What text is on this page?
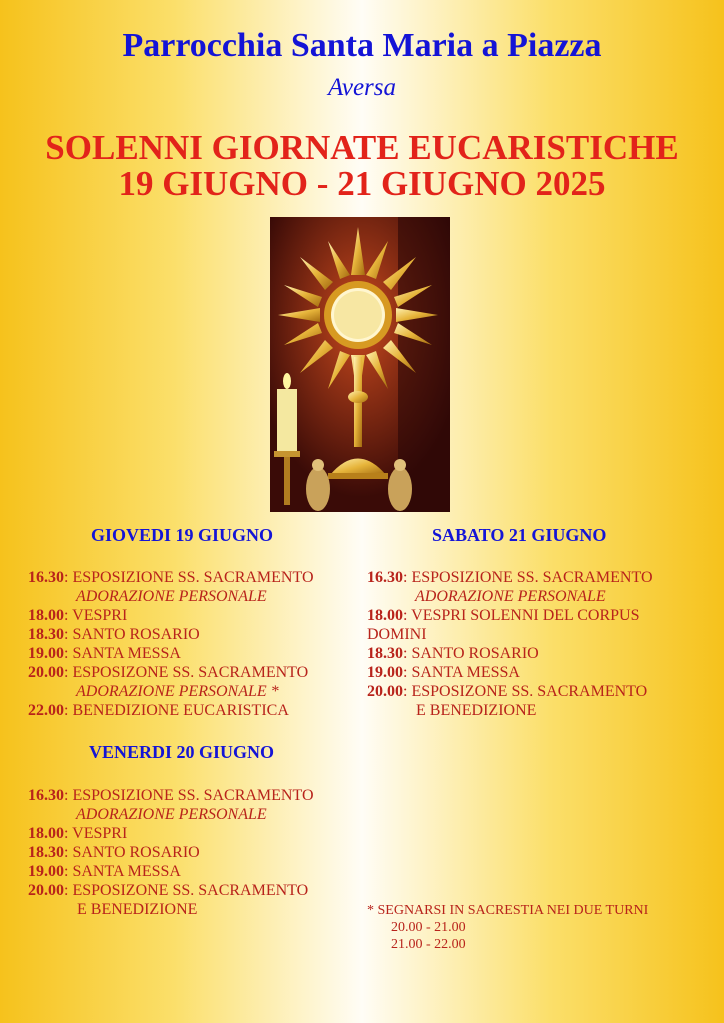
Parrocchia Santa Maria a Piazza
Aversa
SOLENNI GIORNATE EUCARISTICHE
19 GIUGNO - 21 GIUGNO 2025
GIOVEDI 19 GIUGNO
16.30: ESPOSIZIONE SS. SACRAMENTO
ADORAZIONE PERSONALE
18.00: VESPRI
18.30: SANTO ROSARIO
19.00: SANTA MESSA
20.00: ESPOSIZONE SS. SACRAMENTO
ADORAZIONE PERSONALE *
22.00: BENEDIZIONE EUCARISTICA
VENERDI 20 GIUGNO
16.30: ESPOSIZIONE SS. SACRAMENTO
ADORAZIONE PERSONALE
18.00: VESPRI
18.30: SANTO ROSARIO
19.00: SANTA MESSA
20.00: ESPOSIZONE SS. SACRAMENTO
E BENEDIZIONE
SABATO 21 GIUGNO
16.30: ESPOSIZIONE SS. SACRAMENTO
ADORAZIONE PERSONALE
18.00: VESPRI SOLENNI DEL CORPUS
DOMINI
18.30: SANTO ROSARIO
19.00: SANTA MESSA
20.00: ESPOSIZONE SS. SACRAMENTO
E BENEDIZIONE
* SEGNARSI IN SACRESTIA NEI DUE TURNI
20.00 - 21.00
21.00 - 22.00
